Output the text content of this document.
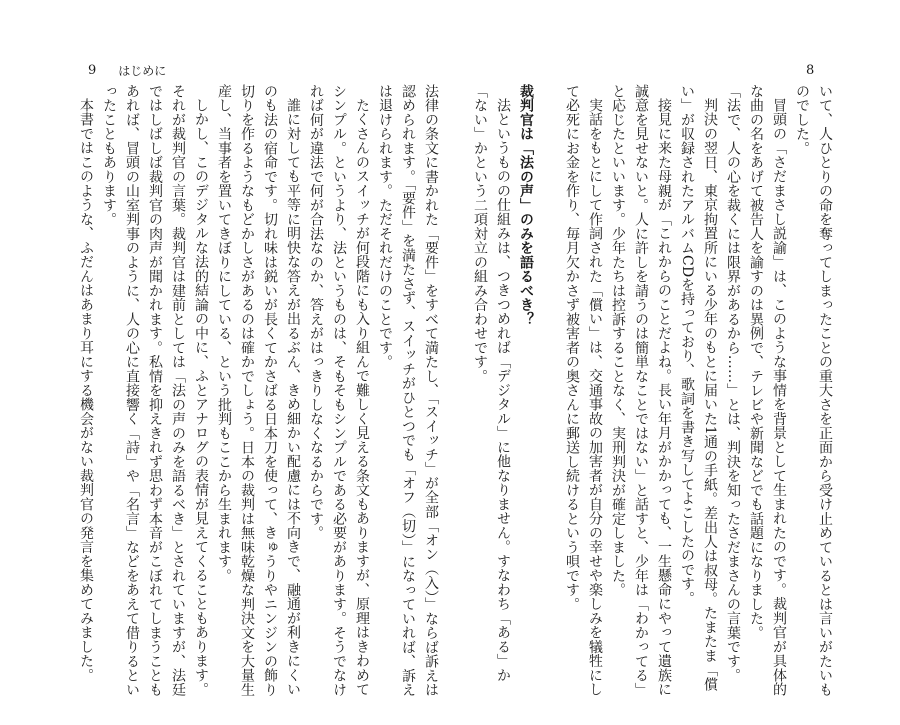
9 はじめに	8

いて、人ひとりの命を奪ってしまったことの重大さを正面から受け止めているとは言いがたいものでした。

冒頭の「さだまさし説諭」は、このような事情を背景として生まれたのです。裁判官が具体的な曲の名をあげて被告人を諭すのは異例で、テレビや新聞などでも話題になりました。

「法で、人の心を裁くには限界があるから……」とは、判決を知ったさだまさんの言葉です。

判決の翌日、東京拘置所にいる少年のもとに届いた1通の手紙。差出人は叔母。たまたま「償い」が収録されたアルバムCDを持っており、歌詞を書き写してよこしたのです。

接見に来た母親が「これからのことだよね。長い年月がかかっても、一生懸命にやって遺族に誠意を見せないと。人に許しを請うのは簡単なことではない」と話すと、少年は「わかってる」と応じたといいます。少年たちは控訴することなく、実刑判決が確定しました。

実話をもとにして作詞された「償い」は、交通事故の加害者が自分の幸せや楽しみを犠牲にして必死にお金を作り、毎月欠かさず被害者の奥さんに郵送し続けるという唄です。

裁判官は「法の声」のみを語るべき？

法というものの仕組みは、つきつめれば「デジタル」に他なりません。すなわち「ある」か「ない」かという二項対立の組み合わせです。

法律の条文に書かれた「要件」をすべて満たし、「スイッチ」が全部「オン（入）」ならば訴えは認められます。「要件」を満たさず、スイッチがひとつでも「オフ（切）」になっていれば、訴えは退けられます。ただそれだけのことです。

たくさんのスイッチが何段階にも入り組んで難しく見える条文もありますが、原理はきわめてシンプル。というより、法というものは、そもそもシンプルである必要があります。そうでなければ何が違法で何が合法なのか、答えがはっきりしなくなるからです。

誰に対しても平等に明快な答えが出るぶん、きめ細かい配慮には不向きで、融通が利きにくいのも法の宿命です。切れ味は鋭いが長くてかさばる日本刀を使って、きゅうりやニンジンの飾り切りを作るようなもどかしさがあるのは確かでしょう。日本の裁判は無味乾燥な判決文を大量生産し、当事者を置いてきぼりにしている、という批判もここから生まれます。

しかし、このデジタルな法的結論の中に、ふとアナログの表情が見えてくることもあります。それが裁判官の言葉。裁判官は建前としては「法の声のみを語るべき」とされていますが、法廷ではしばしば裁判官の肉声が聞かれます。私情を抑えきれず思わず本音がこぼれてしまうこともあれば、冒頭の山室判事のように、人の心に直接響く「詩」や「名言」などをあえて借りるといったこともあります。

本書ではこのような、ふだんはあまり耳にする機会がない裁判官の発言を集めてみました。
